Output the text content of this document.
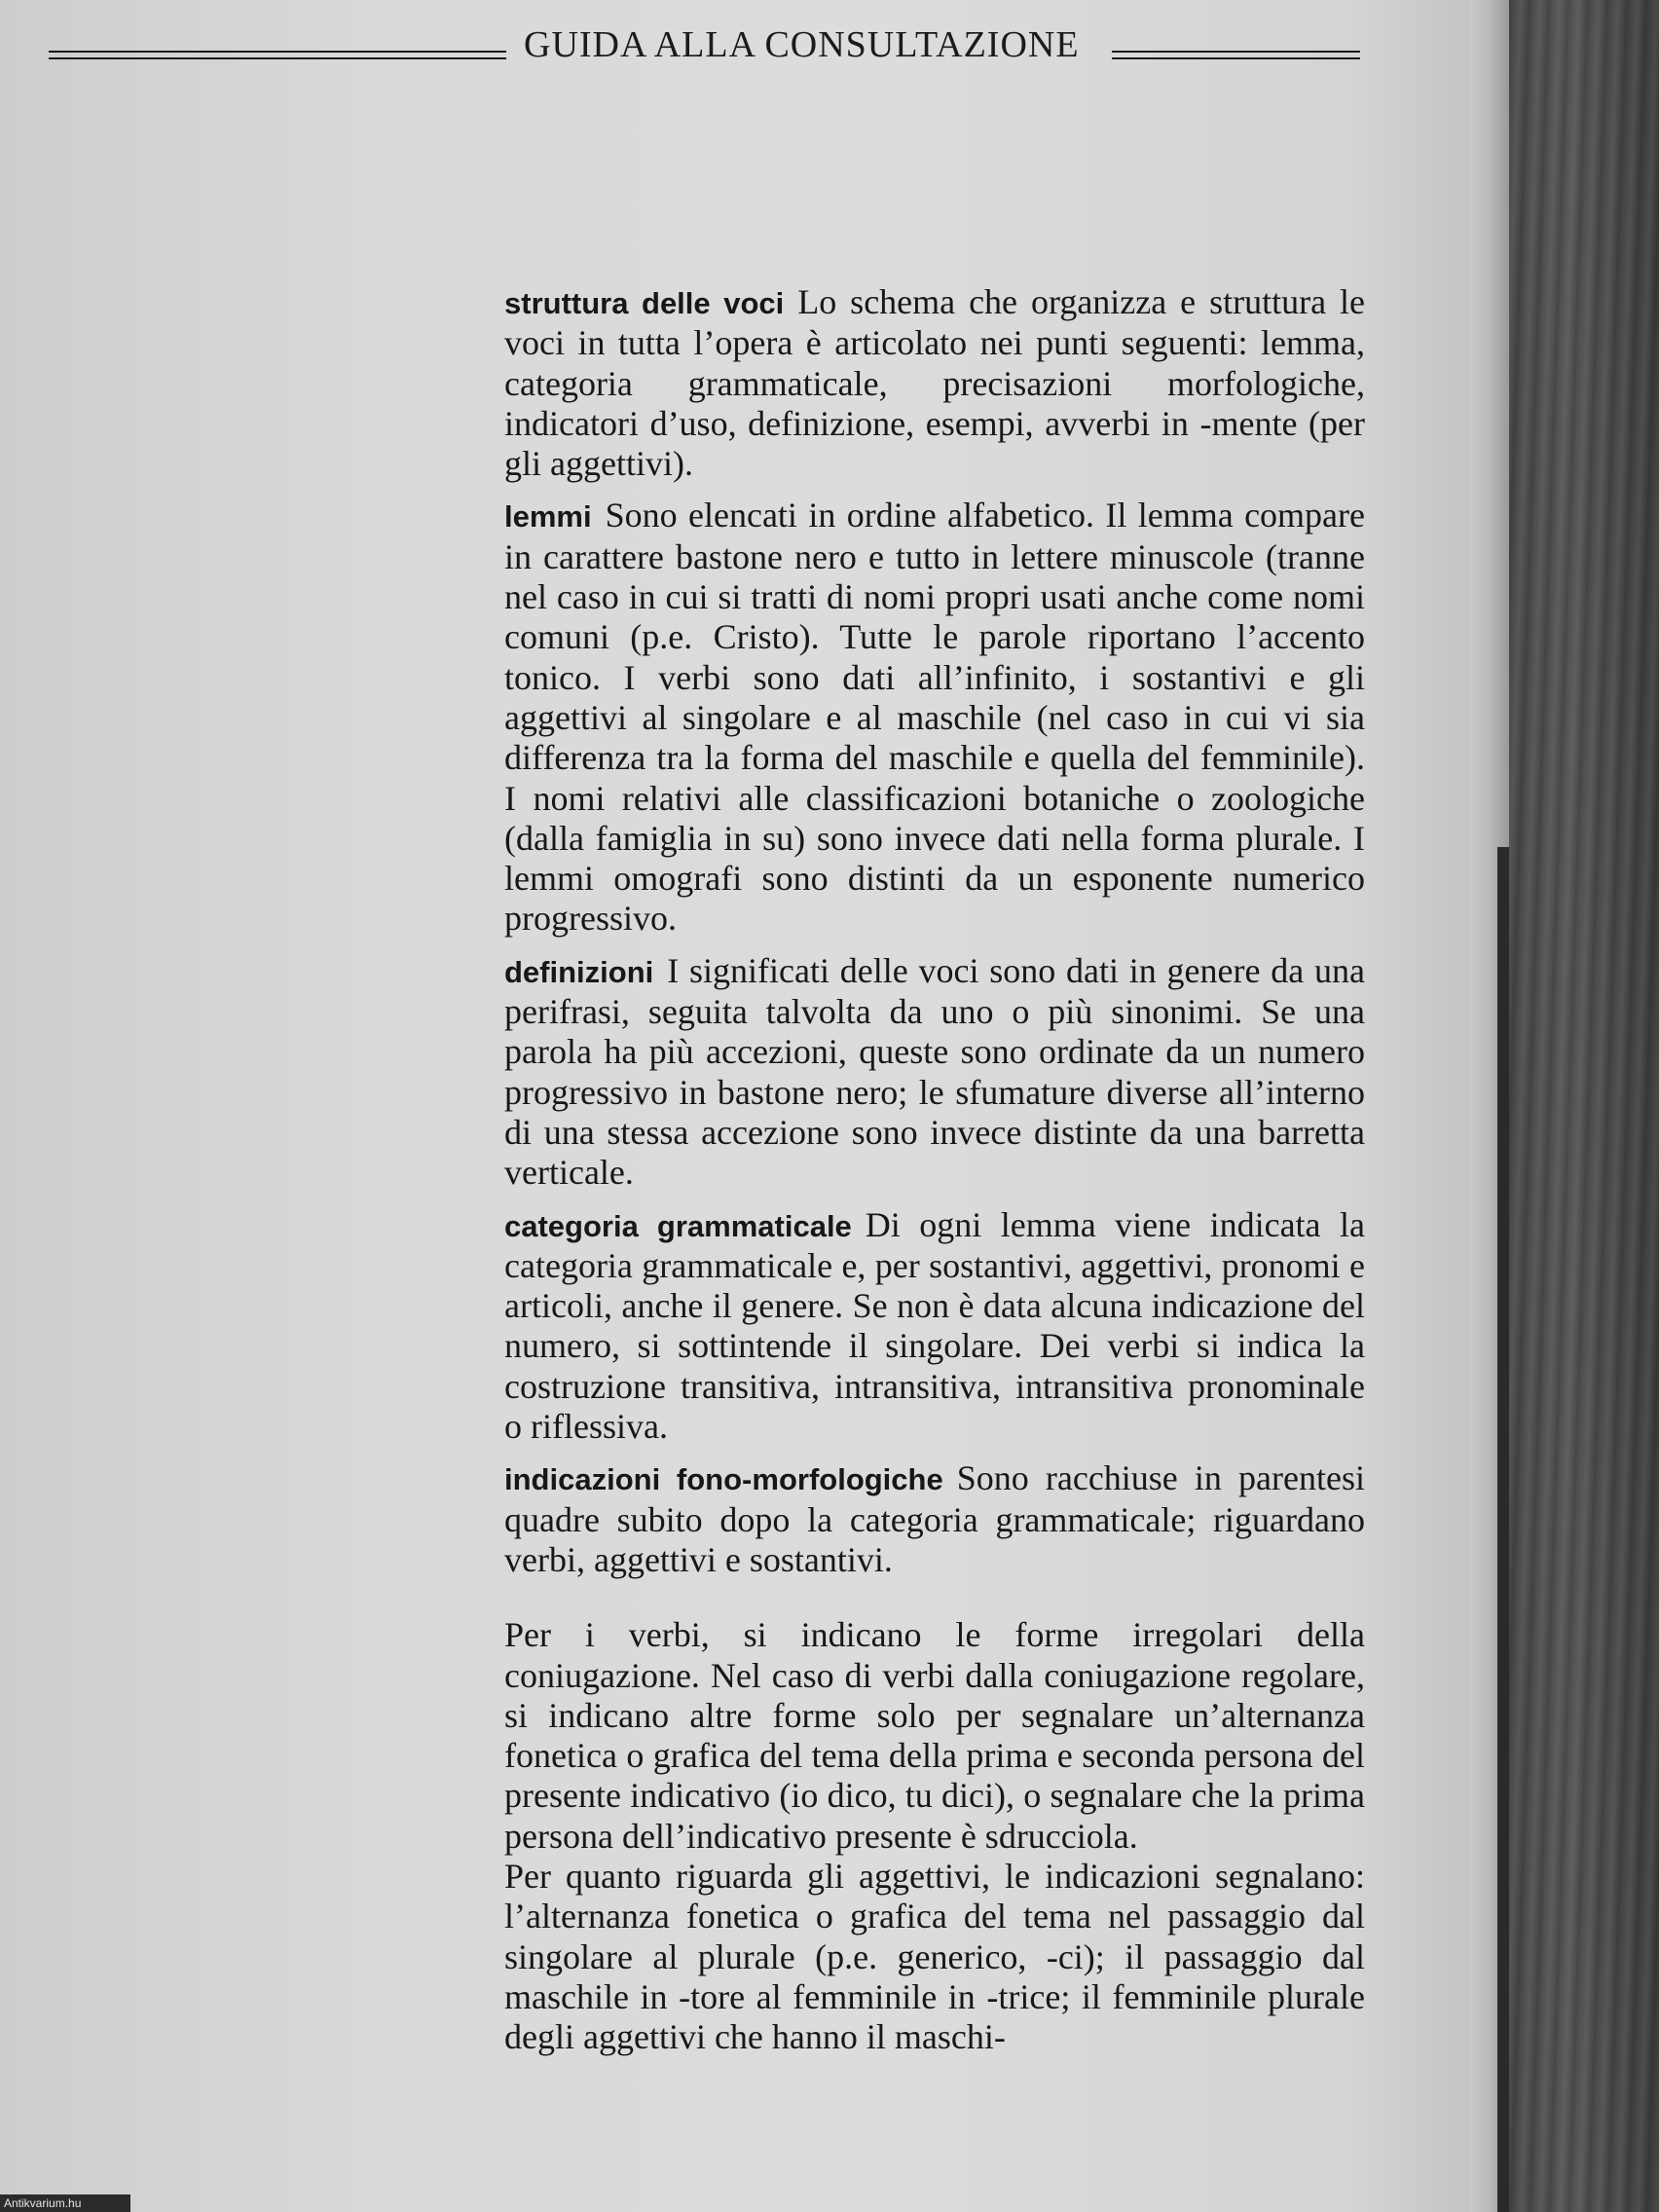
GUIDA ALLA CONSULTAZIONE

struttura delle voci Lo schema che organizza e struttura le voci in tutta l’opera è articolato nei punti seguenti: lemma, categoria grammaticale, precisazioni morfologiche, indicatori d’uso, definizione, esempi, avverbi in -mente (per gli aggettivi).

lemmi Sono elencati in ordine alfabetico. Il lemma compare in carattere bastone nero e tutto in lettere minuscole (tranne nel caso in cui si tratti di nomi propri usati anche come nomi comuni (p.e. Cristo). Tutte le parole riportano l’accento tonico. I verbi sono dati all’infinito, i sostantivi e gli aggettivi al singolare e al maschile (nel caso in cui vi sia differenza tra la forma del maschile e quella del femminile). I nomi relativi alle classificazioni botaniche o zoologiche (dalla famiglia in su) sono invece dati nella forma plurale. I lemmi omografi sono distinti da un esponente numerico progressivo.

definizioni I significati delle voci sono dati in genere da una perifrasi, seguita talvolta da uno o più sinonimi. Se una parola ha più accezioni, queste sono ordinate da un numero progressivo in bastone nero; le sfumature diverse all’interno di una stessa accezione sono invece distinte da una barretta verticale.

categoria grammaticale Di ogni lemma viene indicata la categoria grammaticale e, per sostantivi, aggettivi, pronomi e articoli, anche il genere. Se non è data alcuna indicazione del numero, si sottintende il singolare. Dei verbi si indica la costruzione transitiva, intransitiva, intransitiva pronominale o riflessiva.

indicazioni fono-morfologiche Sono racchiuse in parentesi quadre subito dopo la categoria grammaticale; riguardano verbi, aggettivi e sostantivi.

Per i verbi, si indicano le forme irregolari della coniugazione. Nel caso di verbi dalla coniugazione regolare, si indicano altre forme solo per segnalare un’alternanza fonetica o grafica del tema della prima e seconda persona del presente indicativo (io dico, tu dici), o segnalare che la prima persona dell’indicativo presente è sdrucciola.

Per quanto riguarda gli aggettivi, le indicazioni segnalano: l’alternanza fonetica o grafica del tema nel passaggio dal singolare al plurale (p.e. generico, -ci); il passaggio dal maschile in -tore al femminile in -trice; il femminile plurale degli aggettivi che hanno il maschi-

Antikvarium.hu
